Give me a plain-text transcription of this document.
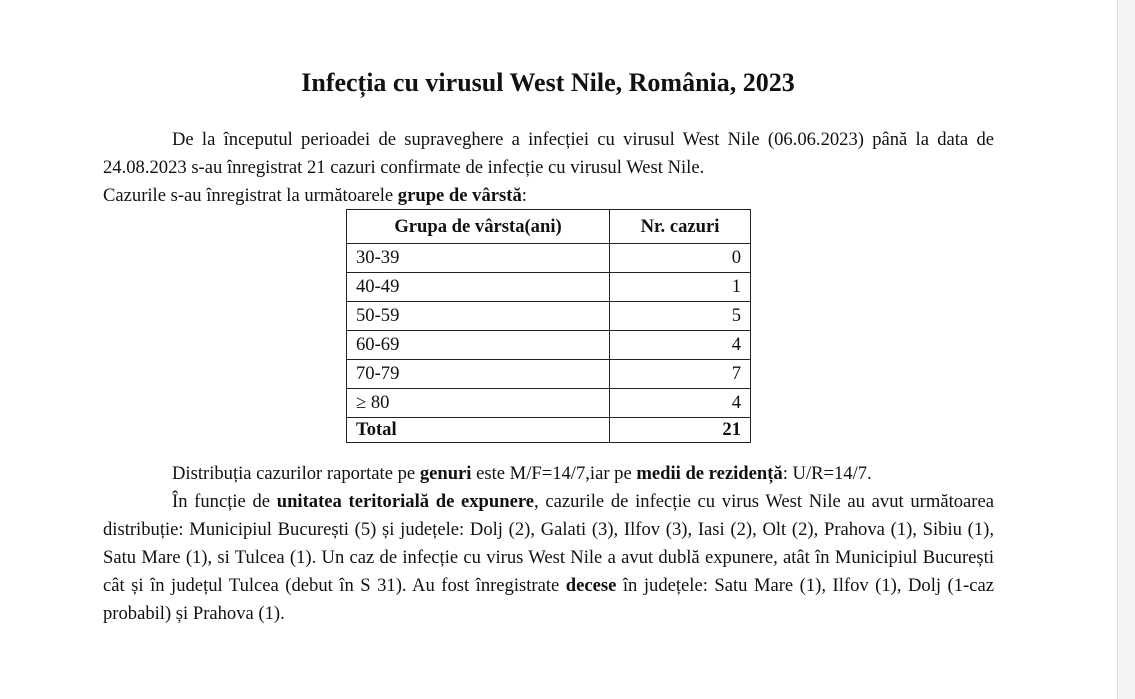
Infecția cu virusul West Nile, România, 2023
De la începutul perioadei de supraveghere a infecției cu virusul West Nile (06.06.2023) până la data de 24.08.2023 s-au înregistrat 21 cazuri confirmate de infecție cu virusul West Nile.
Cazurile s-au înregistrat la următoarele grupe de vârstă:
Grupa de vârsta(ani)	Nr. cazuri
30-39	0
40-49	1
50-59	5
60-69	4
70-79	7
≥ 80	4
Total	21
Distribuția cazurilor raportate pe genuri este M/F=14/7,iar pe medii de rezidență: U/R=14/7.
În funcție de unitatea teritorială de expunere, cazurile de infecție cu virus West Nile au avut următoarea distribuție: Municipiul București (5) și județele: Dolj (2), Galati (3), Ilfov (3), Iasi (2), Olt (2), Prahova (1), Sibiu (1), Satu Mare (1), si Tulcea (1). Un caz de infecție cu virus West Nile a avut dublă expunere, atât în Municipiul București cât și în județul Tulcea (debut în S 31). Au fost înregistrate decese în județele: Satu Mare (1), Ilfov (1), Dolj (1-caz probabil) și Prahova (1).
